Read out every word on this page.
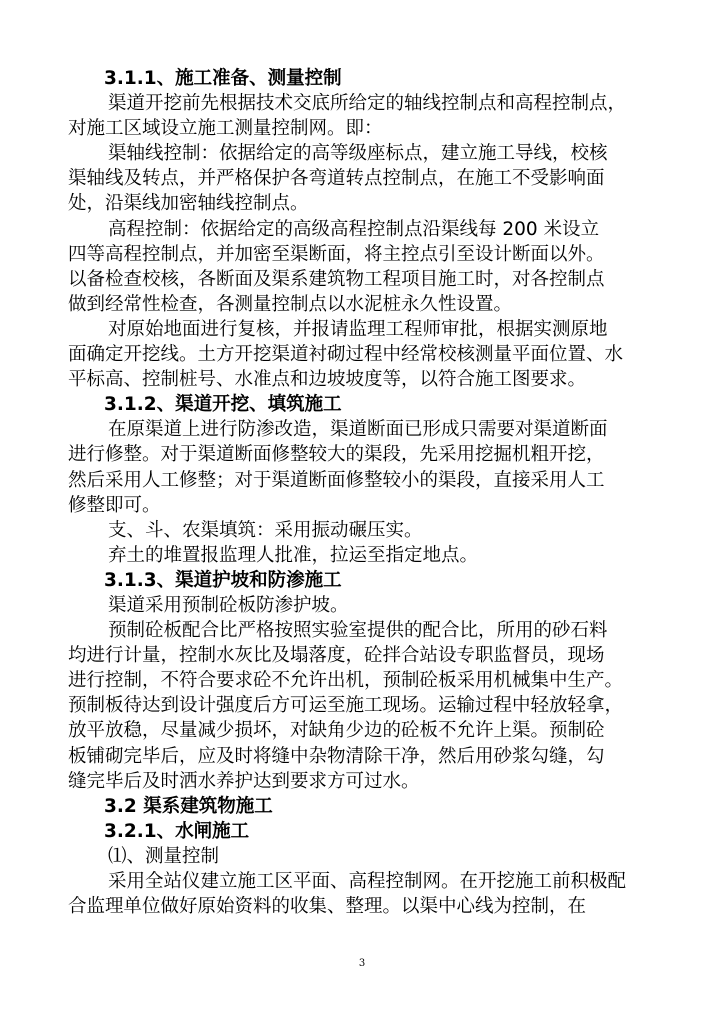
3.1.1、施工准备、测量控制
渠道开挖前先根据技术交底所给定的轴线控制点和高程控制点，
对施工区域设立施工测量控制网。即：
渠轴线控制：依据给定的高等级座标点，建立施工导线，校核
渠轴线及转点，并严格保护各弯道转点控制点，在施工不受影响面
处，沿渠线加密轴线控制点。
高程控制：依据给定的高级高程控制点沿渠线每 200 米设立
四等高程控制点，并加密至渠断面，将主控点引至设计断面以外。
以备检查校核，各断面及渠系建筑物工程项目施工时，对各控制点
做到经常性检查，各测量控制点以水泥桩永久性设置。
对原始地面进行复核，并报请监理工程师审批，根据实测原地
面确定开挖线。土方开挖渠道衬砌过程中经常校核测量平面位置、水
平标高、控制桩号、水准点和边坡坡度等，以符合施工图要求。
3.1.2、渠道开挖、填筑施工
在原渠道上进行防渗改造，渠道断面已形成只需要对渠道断面
进行修整。对于渠道断面修整较大的渠段，先采用挖掘机粗开挖，
然后采用人工修整；对于渠道断面修整较小的渠段，直接采用人工
修整即可。
支、斗、农渠填筑：采用振动碾压实。
弃土的堆置报监理人批准，拉运至指定地点。
3.1.3、渠道护坡和防渗施工
渠道采用预制砼板防渗护坡。
预制砼板配合比严格按照实验室提供的配合比，所用的砂石料
均进行计量，控制水灰比及塌落度，砼拌合站设专职监督员，现场
进行控制，不符合要求砼不允许出机，预制砼板采用机械集中生产。
预制板待达到设计强度后方可运至施工现场。运输过程中轻放轻拿，
放平放稳，尽量减少损坏，对缺角少边的砼板不允许上渠。预制砼
板铺砌完毕后，应及时将缝中杂物清除干净，然后用砂浆勾缝，勾
缝完毕后及时洒水养护达到要求方可过水。
3.2 渠系建筑物施工
3.2.1、水闸施工
⑴、测量控制
采用全站仪建立施工区平面、高程控制网。在开挖施工前积极配
合监理单位做好原始资料的收集、整理。以渠中心线为控制，在
3
